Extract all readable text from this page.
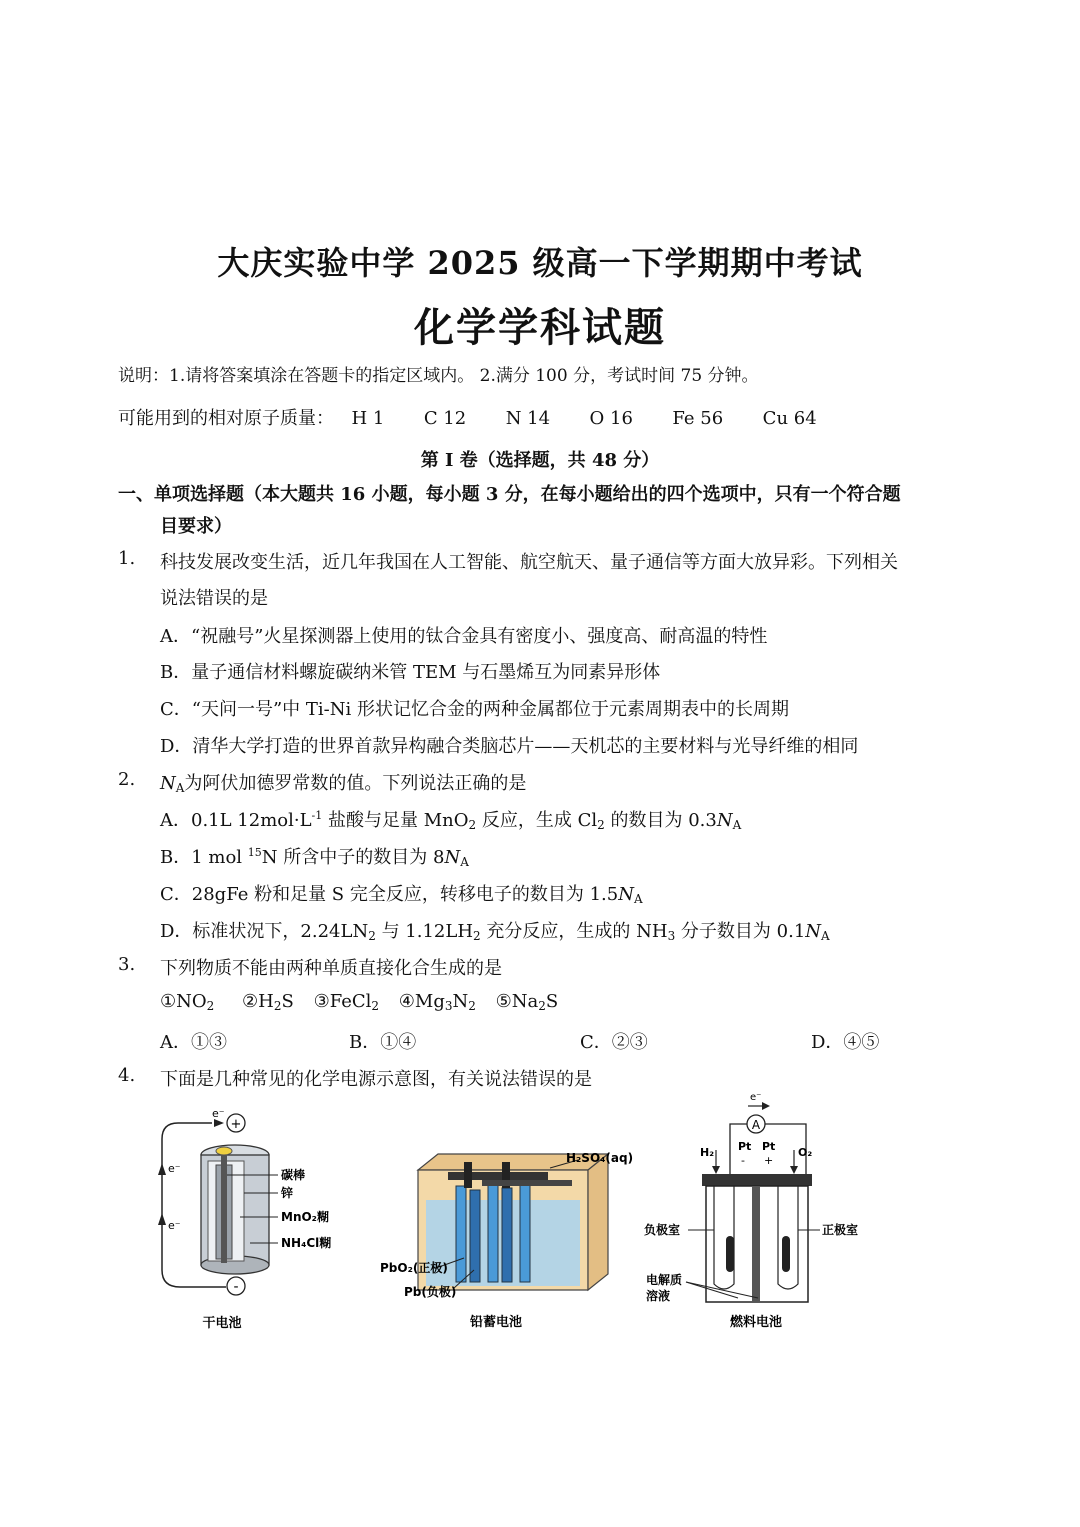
大庆实验中学 2025 级高一下学期期中考试
化学学科试题
说明：1.请将答案填涂在答题卡的指定区域内。 2.满分 100 分，考试时间 75 分钟。
可能用到的相对原子质量： H 1 C 12 N 14 O 16 Fe 56 Cu 64
第 I 卷（选择题，共 48 分）
一、单项选择题（本大题共 16 小题，每小题 3 分，在每小题给出的四个选项中，只有一个符合题
目要求）
1. 科技发展改变生活，近几年我国在人工智能、航空航天、量子通信等方面大放异彩。下列相关
说法错误的是
A．“祝融号”火星探测器上使用的钛合金具有密度小、强度高、耐高温的特性
B．量子通信材料螺旋碳纳米管 TEM 与石墨烯互为同素异形体
C．“天问一号”中 Ti-Ni 形状记忆合金的两种金属都位于元素周期表中的长周期
D．清华大学打造的世界首款异构融合类脑芯片——天机芯的主要材料与光导纤维的相同
2. $N_A$为阿伏加德罗常数的值。下列说法正确的是
A．0.1L $12mol\cdot L^{-1}$ 盐酸与足量 MnO$_2$ 反应，生成 $Cl_2$ 的数目为 $0.3N_A$
B．1 mol $^{15}$N 所含中子的数目为 $8N_A$
C．28gFe 粉和足量 S 完全反应，转移电子的数目为 $1.5N_A$
D．标准状况下，$2.24LN_2$ 与 $1.12LH_2$ 充分反应，生成的 $NH_3$ 分子数目为 $0.1N_A$
3. 下列物质不能由两种单质直接化合生成的是
$①NO_2$ $②H_2S$ ③FeCl$_2$ $④Mg_3N_2$ $⑤Na_2S$
A．①③	B．①④	C．②③	D．④⑤
4. 下面是几种常见的化学电源示意图，有关说法错误的是
+
-
e⁻
e⁻
e⁻
碳棒
锌
MnO₂糊
NH₄Cl糊
干电池
H₂SO₄(aq)
PbO₂(正极)
Pb(负极)
铅蓄电池
A
e⁻
H₂	O₂
Pt Pt
- +
负极室	正极室
电解质
溶液
燃料电池
